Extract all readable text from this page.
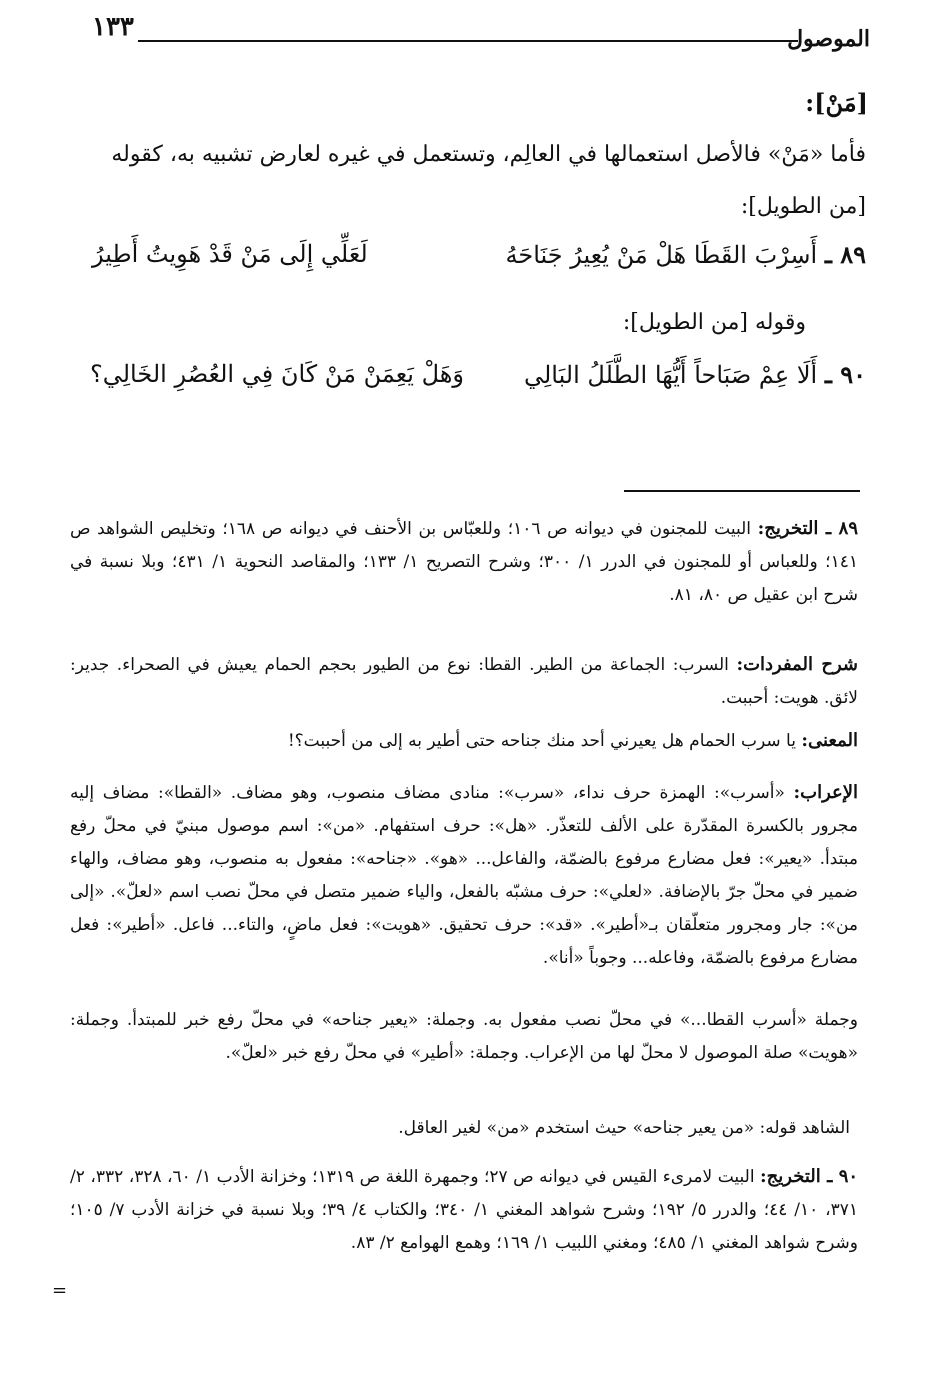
الموصول
١٣٣
[مَنْ]:
فأما «مَنْ» فالأصل استعمالها في العالِم، وتستعمل في غيره لعارض تشبيه به، كقوله
[من الطويل]:
٨٩ ـ أَسِرْبَ القَطَا هَلْ مَنْ يُعِيرُ جَنَاحَهُ
لَعَلِّي إِلَى مَنْ قَدْ هَوِيتُ أَطِيرُ
وقوله [من الطويل]:
٩٠ ـ أَلَا عِمْ صَبَاحاً أَيُّهَا الطَّلَلُ البَالِي
وَهَلْ يَعِمَنْ مَنْ كَانَ فِي العُصُرِ الخَالِي؟
٨٩ ـ التخريج: البيت للمجنون في ديوانه ص ١٠٦؛ وللعبّاس بن الأحنف في ديوانه ص ١٦٨؛ وتخليص الشواهد ص ١٤١؛ وللعباس أو للمجنون في الدرر ١/ ٣٠٠؛ وشرح التصريح ١/ ١٣٣؛ والمقاصد النحوية ١/ ٤٣١؛ وبلا نسبة في شرح ابن عقيل ص ٨٠، ٨١.
شرح المفردات: السرب: الجماعة من الطير. القطا: نوع من الطيور بحجم الحمام يعيش في الصحراء. جدير: لائق. هويت: أحببت.
المعنى: يا سرب الحمام هل يعيرني أحد منك جناحه حتى أطير به إلى من أحببت؟!
الإعراب: «أسرب»: الهمزة حرف نداء، «سرب»: منادى مضاف منصوب، وهو مضاف. «القطا»: مضاف إليه مجرور بالكسرة المقدّرة على الألف للتعذّر. «هل»: حرف استفهام. «من»: اسم موصول مبنيّ في محلّ رفع مبتدأ. «يعير»: فعل مضارع مرفوع بالضمّة، والفاعل... «هو». «جناحه»: مفعول به منصوب، وهو مضاف، والهاء ضمير في محلّ جرّ بالإضافة. «لعلي»: حرف مشبّه بالفعل، والياء ضمير متصل في محلّ نصب اسم «لعلّ». «إلى من»: جار ومجرور متعلّقان بـ«أطير». «قد»: حرف تحقيق. «هويت»: فعل ماضٍ، والتاء... فاعل. «أطير»: فعل مضارع مرفوع بالضمّة، وفاعله... وجوباً «أنا».
وجملة «أسرب القطا...» في محلّ نصب مفعول به. وجملة: «يعير جناحه» في محلّ رفع خبر للمبتدأ. وجملة: «هويت» صلة الموصول لا محلّ لها من الإعراب. وجملة: «أطير» في محلّ رفع خبر «لعلّ».
الشاهد قوله: «من يعير جناحه» حيث استخدم «من» لغير العاقل.
٩٠ ـ التخريج: البيت لامرىء القيس في ديوانه ص ٢٧؛ وجمهرة اللغة ص ١٣١٩؛ وخزانة الأدب ١/ ٦٠، ٣٢٨، ٣٣٢، ٢/ ٣٧١، ١٠/ ٤٤؛ والدرر ٥/ ١٩٢؛ وشرح شواهد المغني ١/ ٣٤٠؛ والكتاب ٤/ ٣٩؛ وبلا نسبة في خزانة الأدب ٧/ ١٠٥؛ وشرح شواهد المغني ١/ ٤٨٥؛ ومغني اللبيب ١/ ١٦٩؛ وهمع الهوامع ٢/ ٨٣.
=
